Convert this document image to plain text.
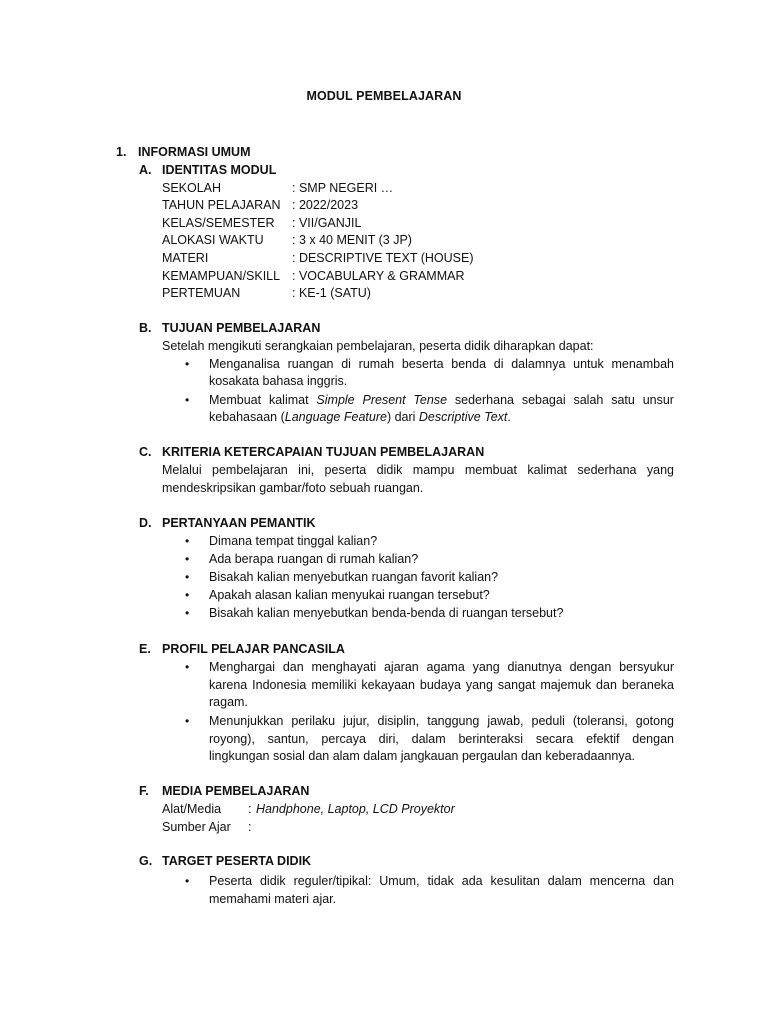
MODUL PEMBELAJARAN
1. INFORMASI UMUM
A. IDENTITAS MODUL
SEKOLAH	: SMP NEGERI …
TAHUN PELAJARAN : 2022/2023
KELAS/SEMESTER : VII/GANJIL
ALOKASI WAKTU : 3 x 40 MENIT (3 JP)
MATERI	: DESCRIPTIVE TEXT (HOUSE)
KEMAMPUAN/SKILL : VOCABULARY & GRAMMAR
PERTEMUAN	: KE-1 (SATU)
B. TUJUAN PEMBELAJARAN
Setelah mengikuti serangkaian pembelajaran, peserta didik diharapkan dapat:
• Menganalisa ruangan di rumah beserta benda di dalamnya untuk menambah
kosakata bahasa inggris.
• Membuat kalimat Simple Present Tense sederhana sebagai salah satu unsur
kebahasaan (Language Feature) dari Descriptive Text.
C. KRITERIA KETERCAPAIAN TUJUAN PEMBELAJARAN
Melalui pembelajaran ini, peserta didik mampu membuat kalimat sederhana yang
mendeskripsikan gambar/foto sebuah ruangan.
D. PERTANYAAN PEMANTIK
• Dimana tempat tinggal kalian?
• Ada berapa ruangan di rumah kalian?
• Bisakah kalian menyebutkan ruangan favorit kalian?
• Apakah alasan kalian menyukai ruangan tersebut?
• Bisakah kalian menyebutkan benda-benda di ruangan tersebut?
E. PROFIL PELAJAR PANCASILA
• Menghargai dan menghayati ajaran agama yang dianutnya dengan bersyukur
karena Indonesia memiliki kekayaan budaya yang sangat majemuk dan beraneka
ragam.
• Menunjukkan perilaku jujur, disiplin, tanggung jawab, peduli (toleransi, gotong
royong), santun, percaya diri, dalam berinteraksi secara efektif dengan
lingkungan sosial dan alam dalam jangkauan pergaulan dan keberadaannya.
F. MEDIA PEMBELAJARAN
Alat/Media : Handphone, Laptop, LCD Proyektor
Sumber Ajar :
G. TARGET PESERTA DIDIK
• Peserta didik reguler/tipikal: Umum, tidak ada kesulitan dalam mencerna dan
memahami materi ajar.
